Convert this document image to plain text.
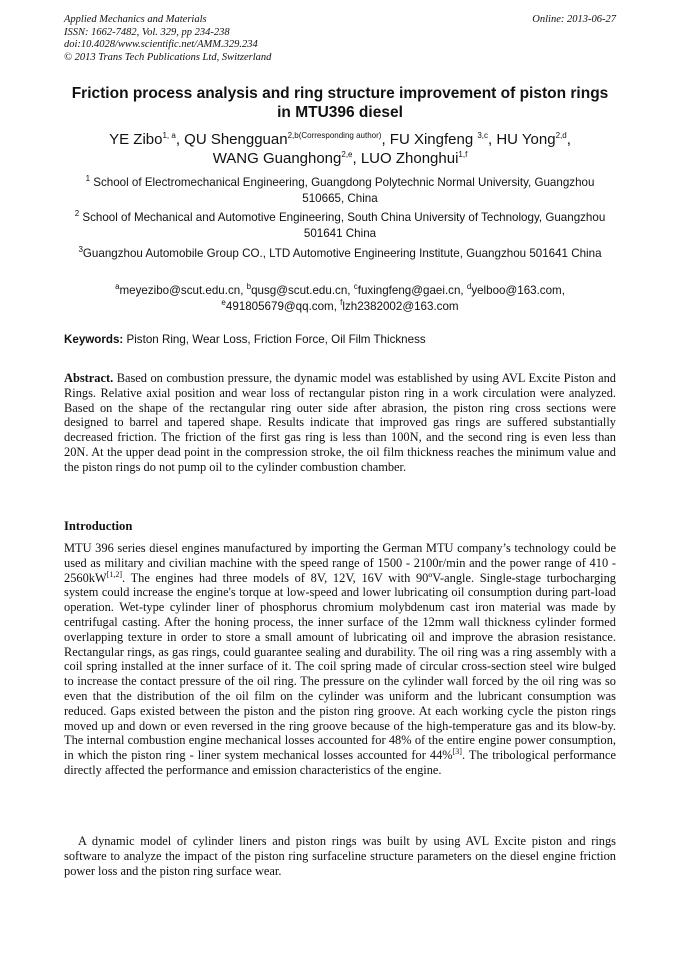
Applied Mechanics and Materials
ISSN: 1662-7482, Vol. 329, pp 234-238
doi:10.4028/www.scientific.net/AMM.329.234
© 2013 Trans Tech Publications Ltd, Switzerland
Online: 2013-06-27
Friction process analysis and ring structure improvement of piston rings in MTU396 diesel
YE Zibo$^{1, a}$, QU Shengguan$^{2,b(Corresponding author)}$, FU Xingfeng $^{3,c}$, HU Yong$^{2,d}$,
WANG Guanghong$^{2,e}$, LUO Zhonghui$^{1,f}$
$^1$ School of Electromechanical Engineering, Guangdong Polytechnic Normal University, Guangzhou 510665, China
$^2$ School of Mechanical and Automotive Engineering, South China University of Technology, Guangzhou 501641 China
$^3$Guangzhou Automobile Group CO., LTD Automotive Engineering Institute, Guangzhou 501641 China
$^a$meyezibo@scut.edu.cn, $^b$qusg@scut.edu.cn, $^c$fuxingfeng@gaei.cn, $^d$yelboo@163.com,
$^e$491805679@qq.com, $^f$lzh2382002@163.com
Keywords: Piston Ring, Wear Loss, Friction Force, Oil Film Thickness
Abstract. Based on combustion pressure, the dynamic model was established by using AVL Excite Piston and Rings. Relative axial position and wear loss of rectangular piston ring in a work circulation were analyzed. Based on the shape of the rectangular ring outer side after abrasion, the piston ring cross sections were designed to barrel and tapered shape. Results indicate that improved gas rings are suffered substantially decreased friction. The friction of the first gas ring is less than 100N, and the second ring is even less than 20N. At the upper dead point in the compression stroke, the oil film thickness reaches the minimum value and the piston rings do not pump oil to the cylinder combustion chamber.
Introduction
MTU 396 series diesel engines manufactured by importing the German MTU company’s technology could be used as military and civilian machine with the speed range of 1500 - 2100r/min and the power range of 410 - 2560kW[1,2]. The engines had three models of 8V, 12V, 16V with 90ºV-angle. Single-stage turbocharging system could increase the engine's torque at low-speed and lower lubricating oil consumption during part-load operation. Wet-type cylinder liner of phosphorus chromium molybdenum cast iron material was made by centrifugal casting. After the honing process, the inner surface of the 12mm wall thickness cylinder formed overlapping texture in order to store a small amount of lubricating oil and improve the abrasion resistance. Rectangular rings, as gas rings, could guarantee sealing and durability. The oil ring was a ring assembly with a coil spring installed at the inner surface of it. The coil spring made of circular cross-section steel wire bulged to increase the contact pressure of the oil ring. The pressure on the cylinder wall forced by the oil ring was so even that the distribution of the oil film on the cylinder was uniform and the lubricant consumption was reduced. Gaps existed between the piston and the piston ring groove. At each working cycle the piston rings moved up and down or even reversed in the ring groove because of the high-temperature gas and its blow-by. The internal combustion engine mechanical losses accounted for 48% of the entire engine power consumption, in which the piston ring - liner system mechanical losses accounted for 44%[3]. The tribological performance directly affected the performance and emission characteristics of the engine.
A dynamic model of cylinder liners and piston rings was built by using AVL Excite piston and rings software to analyze the impact of the piston ring surfaceline structure parameters on the diesel engine friction power loss and the piston ring surface wear.
